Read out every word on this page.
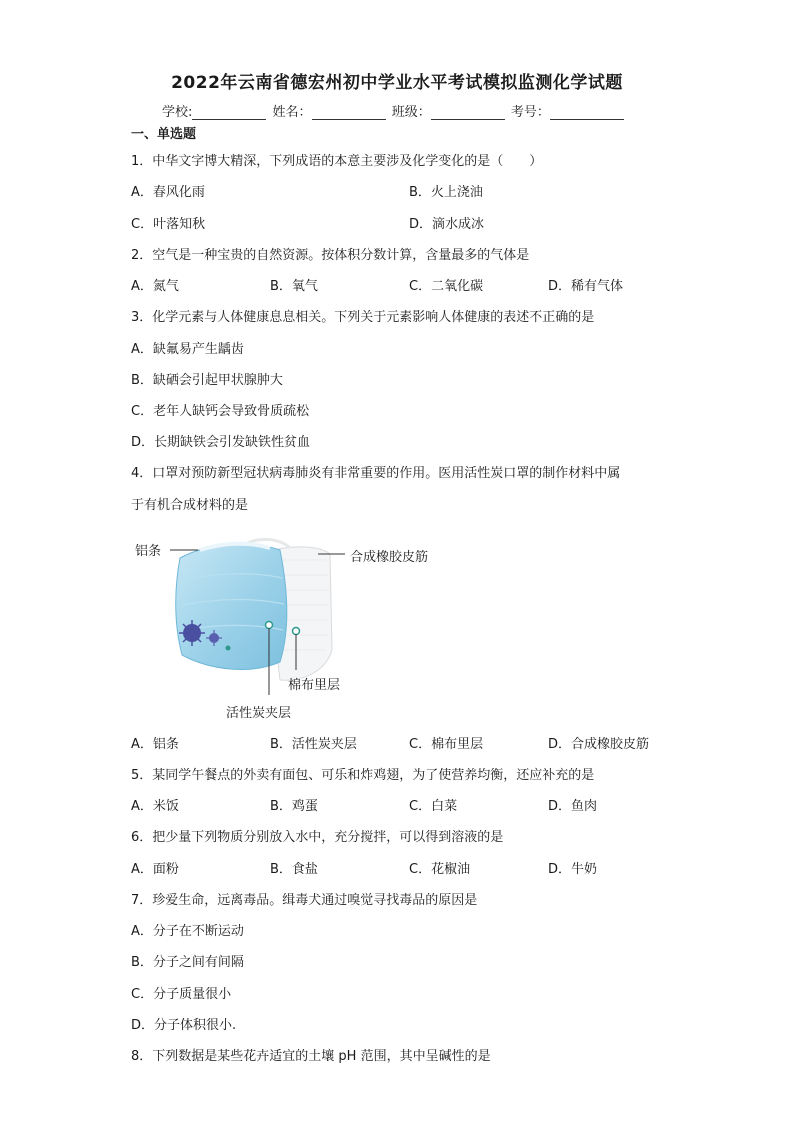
2022年云南省德宏州初中学业水平考试模拟监测化学试题
学校:	姓名：	班级：	考号：
一、单选题
1．中华文字博大精深，下列成语的本意主要涉及化学变化的是（　　）
A．春风化雨	B．火上浇油
C．叶落知秋	D．滴水成冰
2．空气是一种宝贵的自然资源。按体积分数计算，含量最多的气体是
A．氮气	B．氧气	C．二氧化碳	D．稀有气体
3．化学元素与人体健康息息相关。下列关于元素影响人体健康的表述不正确的是
A．缺氟易产生龋齿
B．缺硒会引起甲状腺肿大
C．老年人缺钙会导致骨质疏松
D．长期缺铁会引发缺铁性贫血
4．口罩对预防新型冠状病毒肺炎有非常重要的作用。医用活性炭口罩的制作材料中属
于有机合成材料的是
铝条	合成橡胶皮筋
棉布里层
活性炭夹层
A．铝条	B．活性炭夹层	C．棉布里层	D．合成橡胶皮筋
5．某同学午餐点的外卖有面包、可乐和炸鸡翅，为了使营养均衡，还应补充的是
A．米饭	B．鸡蛋	C．白菜	D．鱼肉
6．把少量下列物质分别放入水中，充分搅拌，可以得到溶液的是
A．面粉	B．食盐	C．花椒油	D．牛奶
7．珍爱生命，远离毒品。缉毒犬通过嗅觉寻找毒品的原因是
A．分子在不断运动
B．分子之间有间隔
C．分子质量很小
D．分子体积很小.
8．下列数据是某些花卉适宜的土壤 pH 范围，其中呈碱性的是
